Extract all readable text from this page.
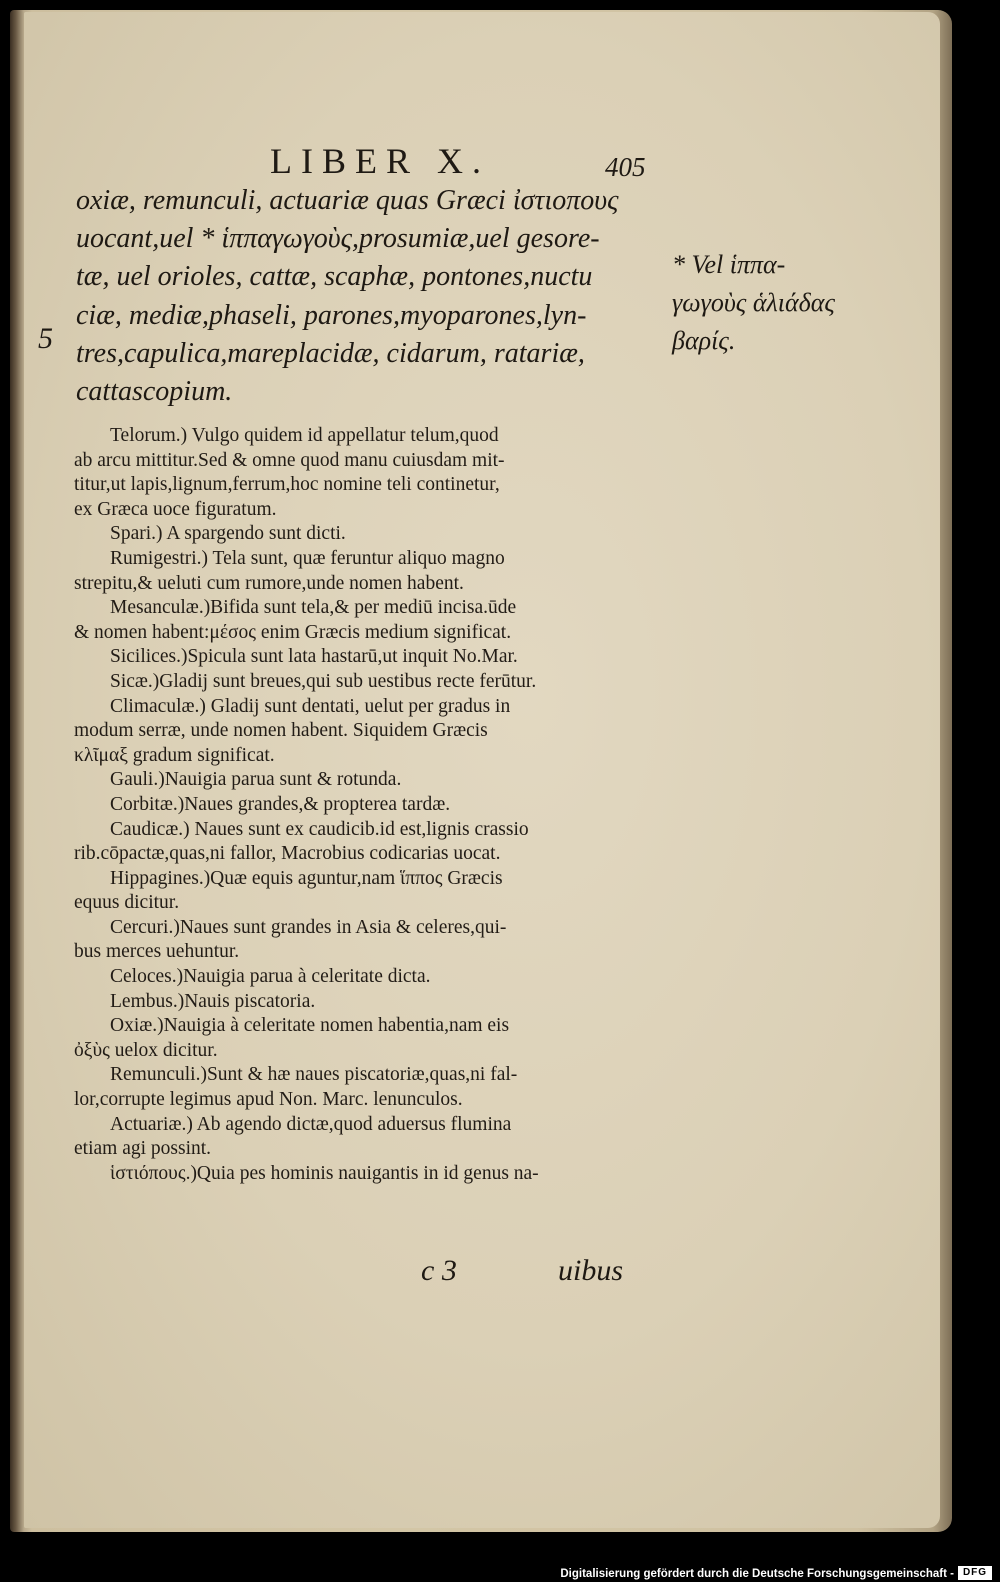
LIBER X.	405
5
oxiæ, remunculi, actuariæ quas Græci ἰστιοπους
uocant,uel * ἱππαγωγοὺς,prosumiæ,uel gesore-
tæ, uel orioles, cattæ, scaphæ, pontones,nuctu
ciæ, mediæ,phaseli, parones,myoparones,lyn-
tres,capulica,mareplacidæ, cidarum, ratariæ,
cattascopium.
* Vel ἱππα-
γωγοὺς ἁλιάδας
βαρίς.
Telorum.) Vulgo quidem id appellatur telum,quod
ab arcu mittitur.Sed & omne quod manu cuiusdam mit-
titur,ut lapis,lignum,ferrum,hoc nomine teli continetur,
ex Græca uoce figuratum.
Spari.) A spargendo sunt dicti.
Rumigestri.) Tela sunt, quæ feruntur aliquo magno
strepitu,& ueluti cum rumore,unde nomen habent.
Mesanculæ.)Bifida sunt tela,& per mediū incisa.ūde
& nomen habent:μέσος enim Græcis medium significat.
Sicilices.)Spicula sunt lata hastarū,ut inquit No.Mar.
Sicæ.)Gladij sunt breues,qui sub uestibus recte ferūtur.
Climaculæ.) Gladij sunt dentati, uelut per gradus in
modum serræ, unde nomen habent. Siquidem Græcis
κλῖμαξ gradum significat.
Gauli.)Nauigia parua sunt & rotunda.
Corbitæ.)Naues grandes,& propterea tardæ.
Caudicæ.) Naues sunt ex caudicib.id est,lignis crassio
rib.cōpactæ,quas,ni fallor, Macrobius codicarias uocat.
Hippagines.)Quæ equis aguntur,nam ἵππος Græcis
equus dicitur.
Cercuri.)Naues sunt grandes in Asia & celeres,qui-
bus merces uehuntur.
Celoces.)Nauigia parua à celeritate dicta.
Lembus.)Nauis piscatoria.
Oxiæ.)Nauigia à celeritate nomen habentia,nam eis
ὀξὺς uelox dicitur.
Remunculi.)Sunt & hæ naues piscatoriæ,quas,ni fal-
lor,corrupte legimus apud Non. Marc. lenunculos.
Actuariæ.) Ab agendo dictæ,quod aduersus flumina
etiam agi possint.
ἱστιόπους.)Quia pes hominis nauigantis in id genus na-
c 3	uibus
Digitalisierung gefördert durch die Deutsche Forschungsgemeinschaft - DFG
